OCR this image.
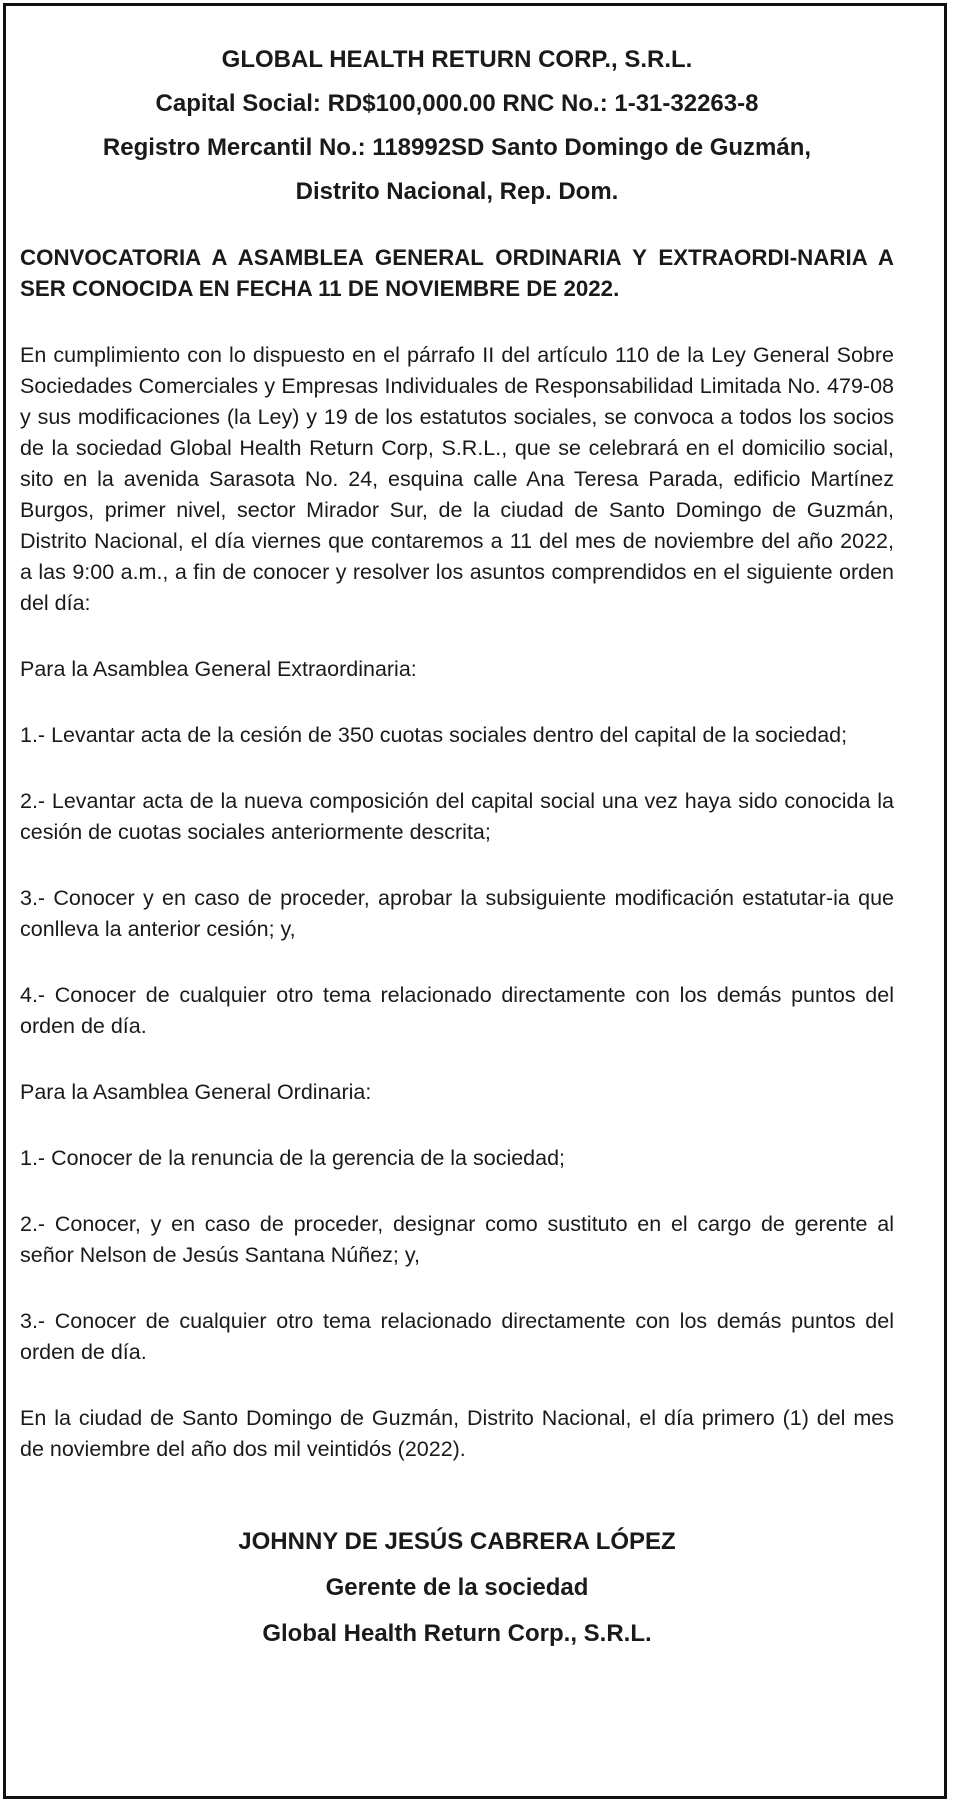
GLOBAL HEALTH RETURN CORP., S.R.L.

Capital Social: RD$100,000.00 RNC No.: 1-31-32263-8

Registro Mercantil No.: 118992SD Santo Domingo de Guzmán,

Distrito Nacional, Rep. Dom.

CONVOCATORIA A ASAMBLEA GENERAL ORDINARIA Y EXTRAORDI-NARIA A SER CONOCIDA EN FECHA 11 DE NOVIEMBRE DE 2022.

En cumplimiento con lo dispuesto en el párrafo II del artículo 110 de la Ley General Sobre Sociedades Comerciales y Empresas Individuales de Responsabilidad Limitada No. 479-08 y sus modificaciones (la Ley) y 19 de los estatutos sociales, se convoca a todos los socios de la sociedad Global Health Return Corp, S.R.L., que se celebrará en el domicilio social, sito en la avenida Sarasota No. 24, esquina calle Ana Teresa Parada, edificio Martínez Burgos, primer nivel, sector Mirador Sur, de la ciudad de Santo Domingo de Guzmán, Distrito Nacional, el día viernes que contaremos a 11 del mes de noviembre del año 2022, a las 9:00 a.m., a fin de conocer y resolver los asuntos comprendidos en el siguiente orden del día:

Para la Asamblea General Extraordinaria:

1.- Levantar acta de la cesión de 350 cuotas sociales dentro del capital de la sociedad;

2.- Levantar acta de la nueva composición del capital social una vez haya sido conocida la cesión de cuotas sociales anteriormente descrita;

3.- Conocer y en caso de proceder, aprobar la subsiguiente modificación estatutar-ia que conlleva la anterior cesión; y,

4.- Conocer de cualquier otro tema relacionado directamente con los demás puntos del orden de día.

Para la Asamblea General Ordinaria:

1.- Conocer de la renuncia de la gerencia de la sociedad;

2.- Conocer, y en caso de proceder, designar como sustituto en el cargo de gerente al señor Nelson de Jesús Santana Núñez; y,

3.- Conocer de cualquier otro tema relacionado directamente con los demás puntos del orden de día.

En la ciudad de Santo Domingo de Guzmán, Distrito Nacional, el día primero (1) del mes de noviembre del año dos mil veintidós (2022).

JOHNNY DE JESÚS CABRERA LÓPEZ

Gerente de la sociedad

Global Health Return Corp., S.R.L.
